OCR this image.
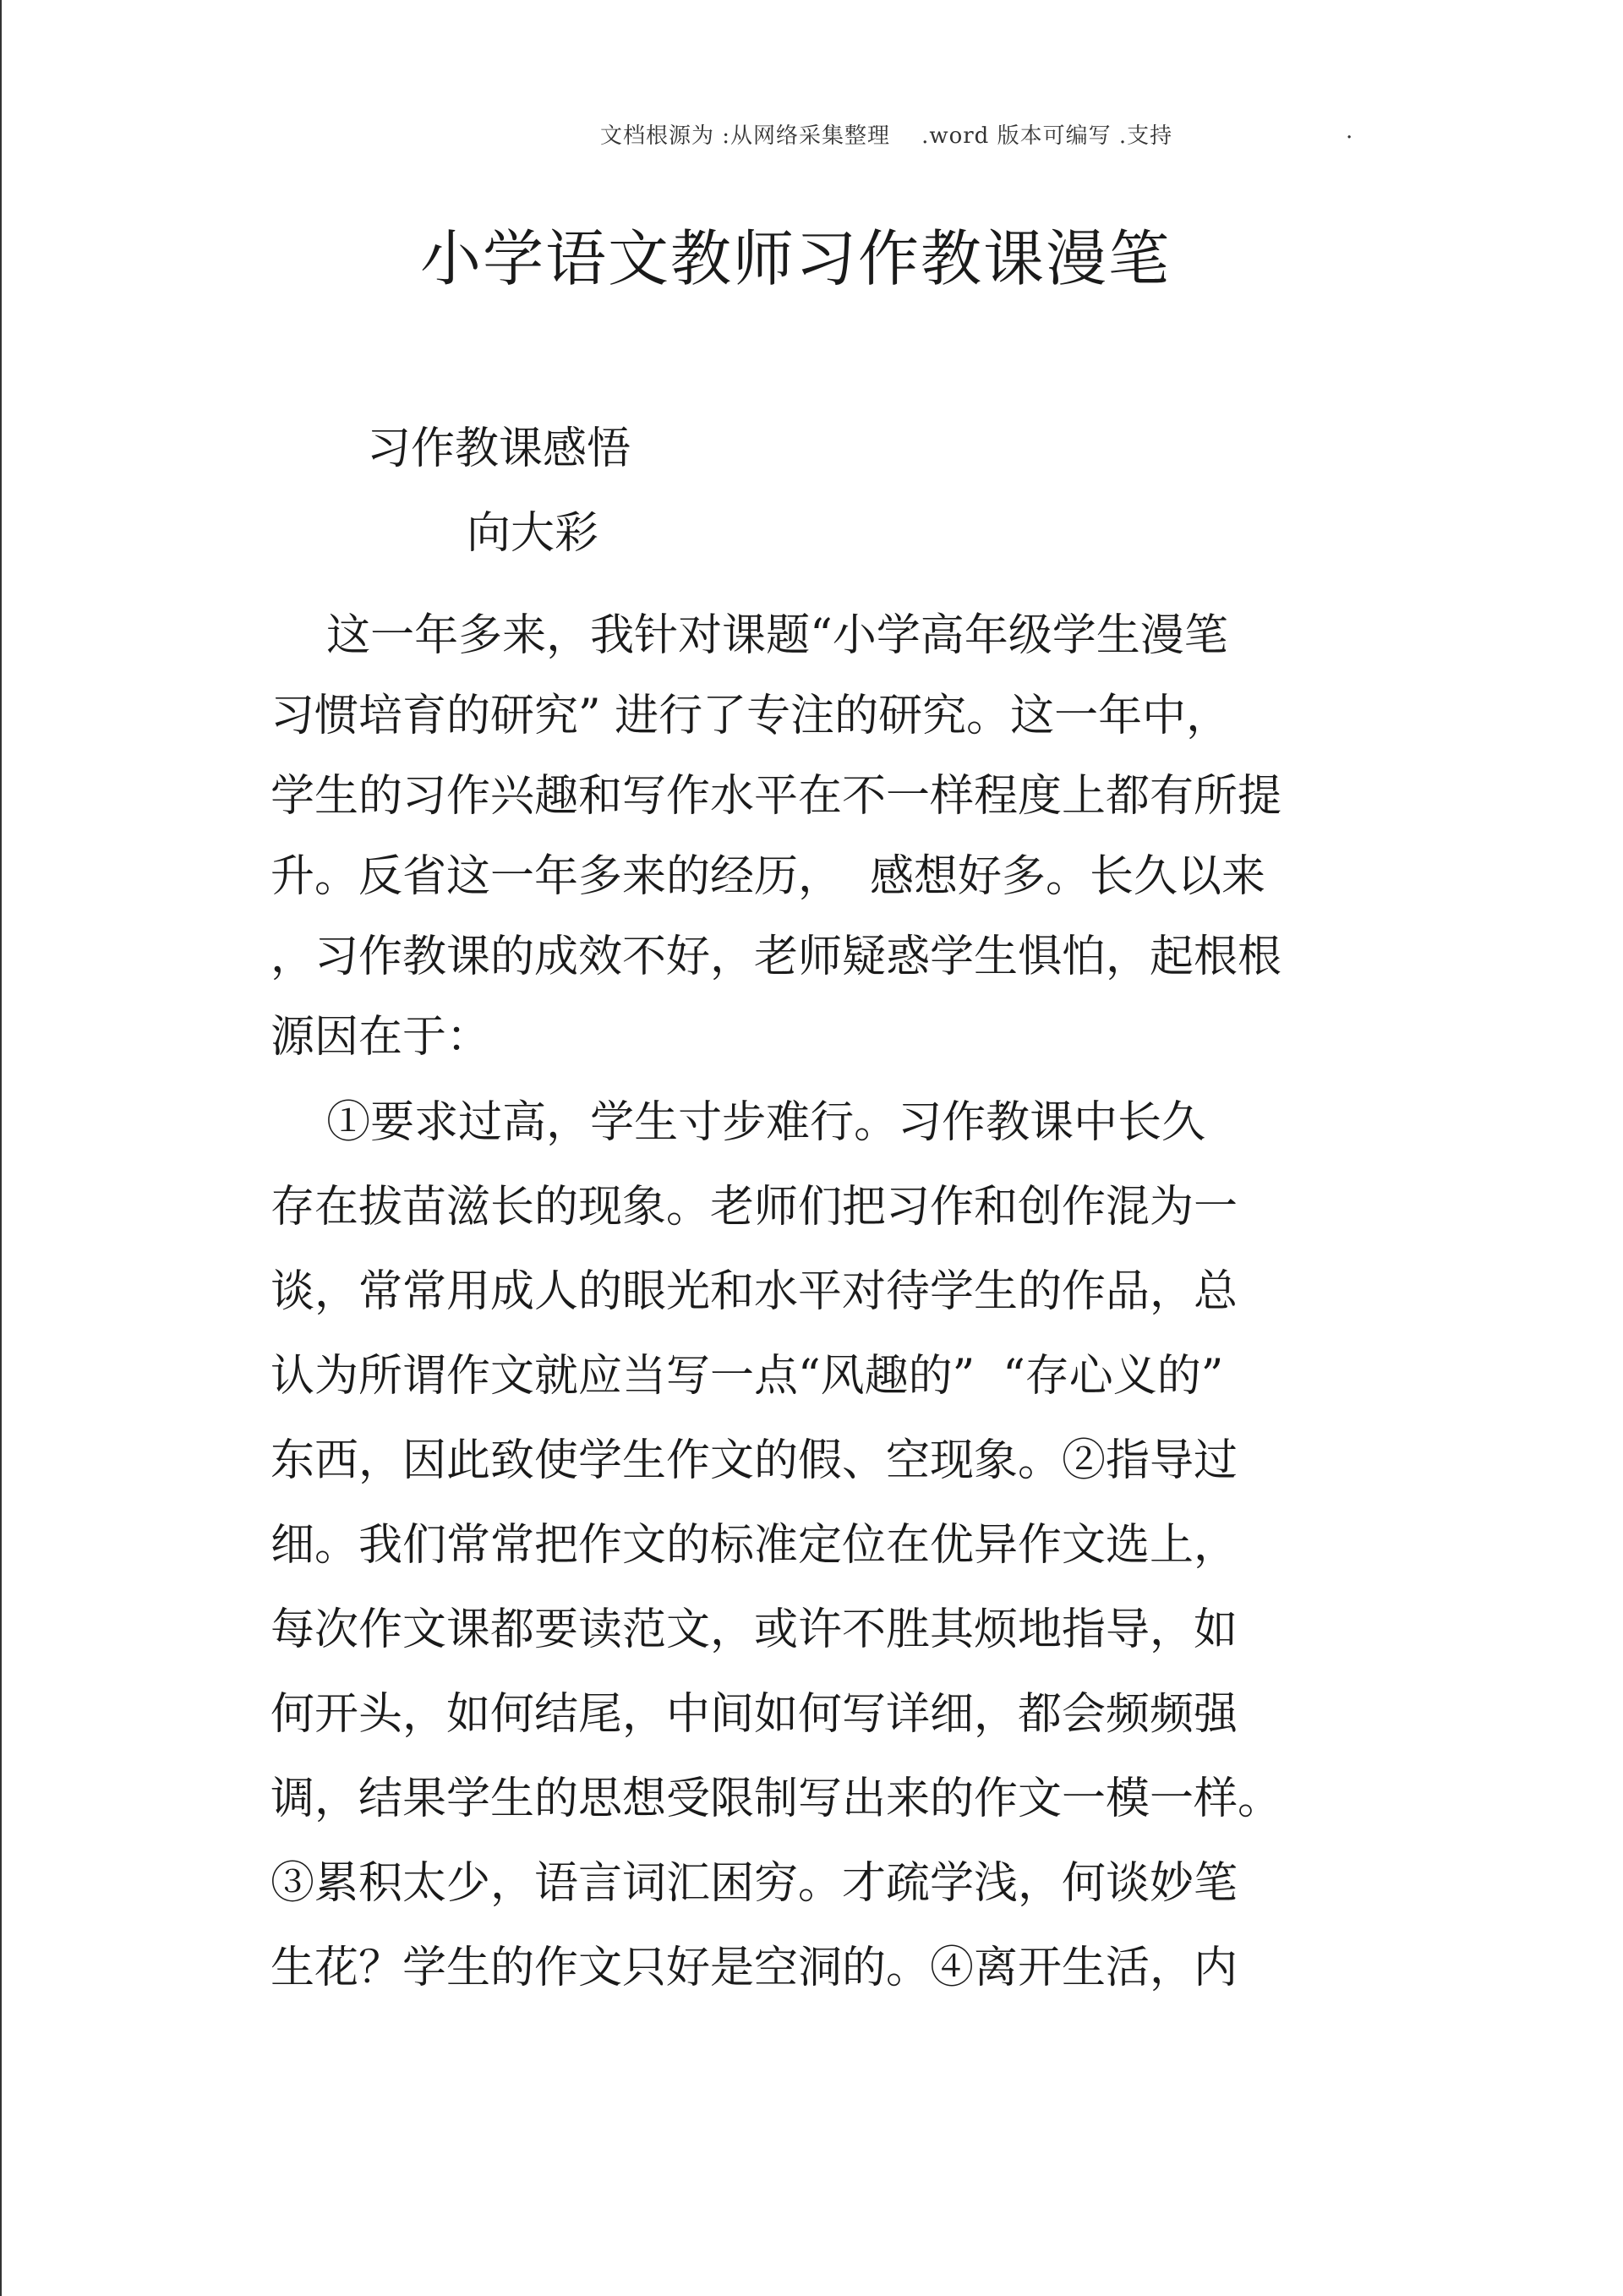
文档根源为 :从网络采集整理    .word 版本可编写 .支持	.
小学语文教师习作教课漫笔
习作教课感悟
向大彩
这一年多来，我针对课题“小学高年级学生漫笔
习惯培育的研究” 进行了专注的研究。这一年中，
学生的习作兴趣和写作水平在不一样程度上都有所提
升。反省这一年多来的经历，  感想好多。长久以来
，习作教课的成效不好，老师疑惑学生惧怕，起根根
源因在于：
①要求过高，学生寸步难行。习作教课中长久
存在拔苗滋长的现象。老师们把习作和创作混为一
谈，常常用成人的眼光和水平对待学生的作品，总
认为所谓作文就应当写一点“风趣的”  “存心义的”
东西，因此致使学生作文的假、空现象。②指导过
细。我们常常把作文的标准定位在优异作文选上，
每次作文课都要读范文，或许不胜其烦地指导，如
何开头，如何结尾，中间如何写详细，都会频频强
调，结果学生的思想受限制写出来的作文一模一样。
③累积太少，语言词汇困穷。才疏学浅，何谈妙笔
生花？学生的作文只好是空洞的。④离开生活，内
